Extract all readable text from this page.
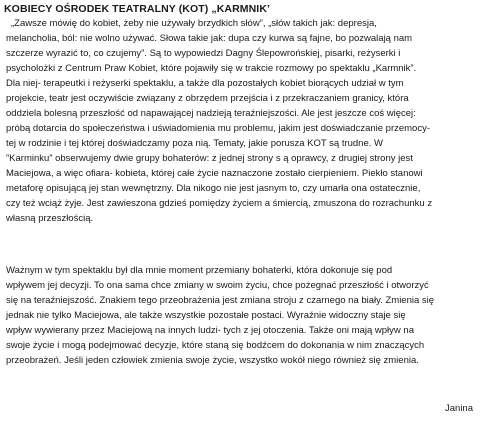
KOBIECY OŚRODEK TEATRALNY (KOT) „KARMNIK’
„Zawsze mówię do kobiet, żeby nie używały brzydkich słów”, „słów takich jak: depresja,
melancholia, ból: nie wolno używać. Słowa takie jak: dupa czy kurwa są fajne, bo pozwalają nam
szczerze wyrazić to, co czujemy”. Są to wypowiedzi Dagny Ślepowrońskiej, pisarki, reżyserki i
psycholożki z Centrum Praw Kobiet, które pojawiły się w trakcie rozmowy po spektaklu „Karmnik”.
Dla niej- terapeutki i reżyserki spektaklu, a także dla pozostałych kobiet biorących udział w tym
projekcie, teatr jest oczywiście związany z obrzędem przejścia i z przekraczaniem granicy, która
oddziela bolesną przeszłość od napawającej nadzieją teraźniejszości. Ale jest jeszcze coś więcej:
próbą dotarcia do społeczeństwa i uświadomienia mu problemu, jakim jest doświadczanie przemocy-
tej w rodzinie i tej której doświadczamy poza nią. Tematy, jakie porusza KOT są trudne. W
”Karminku” obserwujemy dwie grupy bohaterów: z jednej strony s ą oprawcy, z drugiej strony jest
Maciejowa, a więc ofiara- kobieta, której całe życie naznaczone zostało cierpieniem. Piekło stanowi
metaforę opisującą jej stan wewnętrzny. Dla nikogo nie jest jasnym to, czy umarła ona ostatecznie,
czy też wciąż żyje. Jest zawieszona gdzieś pomiędzy życiem a śmiercią, zmuszona do rozrachunku z
własną przeszłością.
Ważnym w tym spektaklu był dla mnie moment przemiany bohaterki, która dokonuje się pod
wpływem jej decyzji. To ona sama chce zmiany w swoim życiu, chce pożegnać przeszłość i otworzyć
się na teraźniejszość. Znakiem tego przeobrażenia jest zmiana stroju z czarnego na biały. Zmienia się
jednak nie tylko Maciejowa, ale także wszystkie pozostałe postaci. Wyraźnie widoczny staje się
wpływ wywierany przez Maciejową na innych ludzi- tych z jej otoczenia. Także oni mają wpływ na
swoje życie i mogą podejmować decyzje, które staną się bodźcem do dokonania w nim znaczących
przeobrażeń. Jeśli jeden człowiek zmienia swoje życie, wszystko wokół niego również się zmienia.
Janina
